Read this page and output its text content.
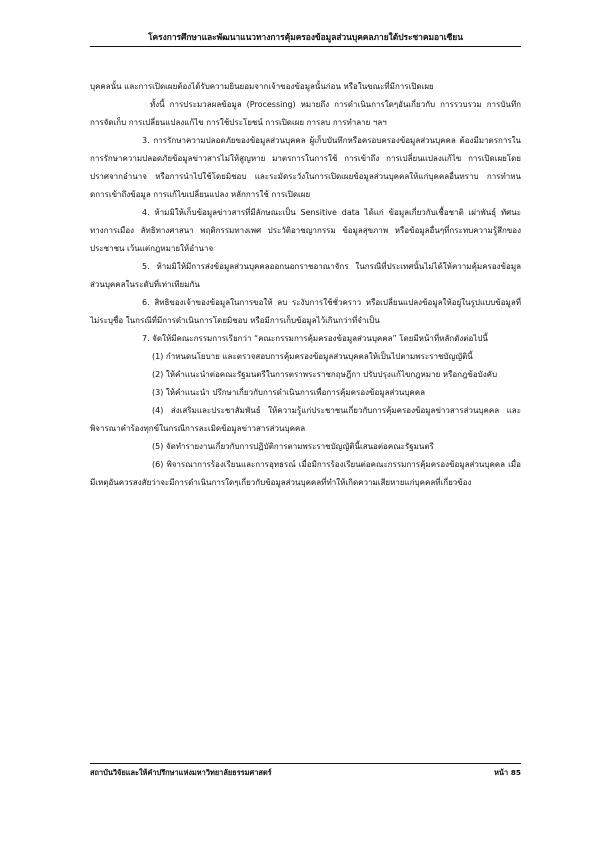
โครงการศึกษาและพัฒนาแนวทางการคุ้มครองข้อมูลส่วนบุคคลภายใต้ประชาคมอาเซียน

บุคคลนั้น และการเปิดเผยต้องได้รับความยินยอมจากเจ้าของข้อมูลนั้นก่อน หรือในขณะที่มีการเปิดเผย

ทั้งนี้ การประมวลผลข้อมูล (Processing) หมายถึง การดำเนินการใดๆอันเกี่ยวกับ การรวบรวม การบันทึก การจัดเก็บ การเปลี่ยนแปลงแก้ไข การใช้ประโยชน์ การเปิดเผย การลบ การทำลาย ฯลฯ

3. การรักษาความปลอดภัยของข้อมูลส่วนบุคคล ผู้เก็บบันทึกหรือครอบครองข้อมูลส่วนบุคคล ต้องมีมาตรการในการรักษาความปลอดภัยข้อมูลข่าวสารไม่ให้สูญหาย มาตรการในการใช้ การเข้าถึง การเปลี่ยนแปลงแก้ไข การเปิดเผยโดยปราศจากอำนาจ หรือการนำไปใช้โดยมิชอบ และระมัดระวังในการเปิดเผยข้อมูลส่วนบุคคลให้แก่บุคคลอื่นทราบ การทำหนดการเข้าถึงข้อมูล การแก้ไขเปลี่ยนแปลง หลักการใช้ การเปิดเผย

4. ห้ามมิให้เก็บข้อมูลข่าวสารที่มีลักษณะเป็น Sensitive data ได้แก่ ข้อมูลเกี่ยวกับเชื้อชาติ เผ่าพันธุ์ ทัศนะทางการเมือง ลัทธิทางศาสนา พฤติกรรมทางเพศ ประวัติอาชญากรรม ข้อมูลสุขภาพ หรือข้อมูลอื่นๆที่กระทบความรู้สึกของประชาชน เว้นแต่กฎหมายให้อำนาจ

5. ห้ามมิให้มีการส่งข้อมูลส่วนบุคคลออกนอกราชอาณาจักร ในกรณีที่ประเทศนั้นไม่ได้ให้ความคุ้มครองข้อมูลส่วนบุคคลในระดับที่เท่าเทียมกัน

6. สิทธิของเจ้าของข้อมูลในการขอให้ ลบ ระงับการใช้ชั่วคราว หรือเปลี่ยนแปลงข้อมูลให้อยู่ในรูปแบบข้อมูลที่ไม่ระบุชื่อ ในกรณีที่มีการดำเนินการโดยมิชอบ หรือมีการเก็บข้อมูลไว้เกินกว่าที่จำเป็น

7. จัดให้มีคณะกรรมการเรียกว่า “คณะกรรมการคุ้มครองข้อมูลส่วนบุคคล” โดยมีหน้าที่หลักดังต่อไปนี้

(1) กำหนดนโยบาย และตรวจสอบการคุ้มครองข้อมูลส่วนบุคคลให้เป็นไปตามพระราชบัญญัตินี้

(2) ให้คำแนะนำต่อคณะรัฐมนตรีในการตราพระราชกฤษฎีกา ปรับปรุงแก้ไขกฎหมาย หรือกฎข้อบังคับ

(3) ให้คำแนะนำ ปรึกษาเกี่ยวกับการดำเนินการเพื่อการคุ้มครองข้อมูลส่วนบุคคล

(4) ส่งเสริมและประชาสัมพันธ์ ให้ความรู้แก่ประชาชนเกี่ยวกับการคุ้มครองข้อมูลข่าวสารส่วนบุคคล และพิจารณาคำร้องทุกข์ในกรณีการละเมิดข้อมูลข่าวสารส่วนบุคคล

(5) จัดทำรายงานเกี่ยวกับการปฏิบัติการตามพระราชบัญญัตินี้เสนอต่อคณะรัฐมนตรี

(6) พิจารณาการร้องเรียนและการอุทธรณ์ เมื่อมีการร้องเรียนต่อคณะกรรมการคุ้มครองข้อมูลส่วนบุคคล เมื่อมีเหตุอันควรสงสัยว่าจะมีการดำเนินการใดๆเกี่ยวกับข้อมูลส่วนบุคคลที่ทำให้เกิดความเสียหายแก่บุคคลที่เกี่ยวข้อง

สถาบันวิจัยและให้คำปรึกษาแห่งมหาวิทยาลัยธรรมศาสตร์	หน้า 85
